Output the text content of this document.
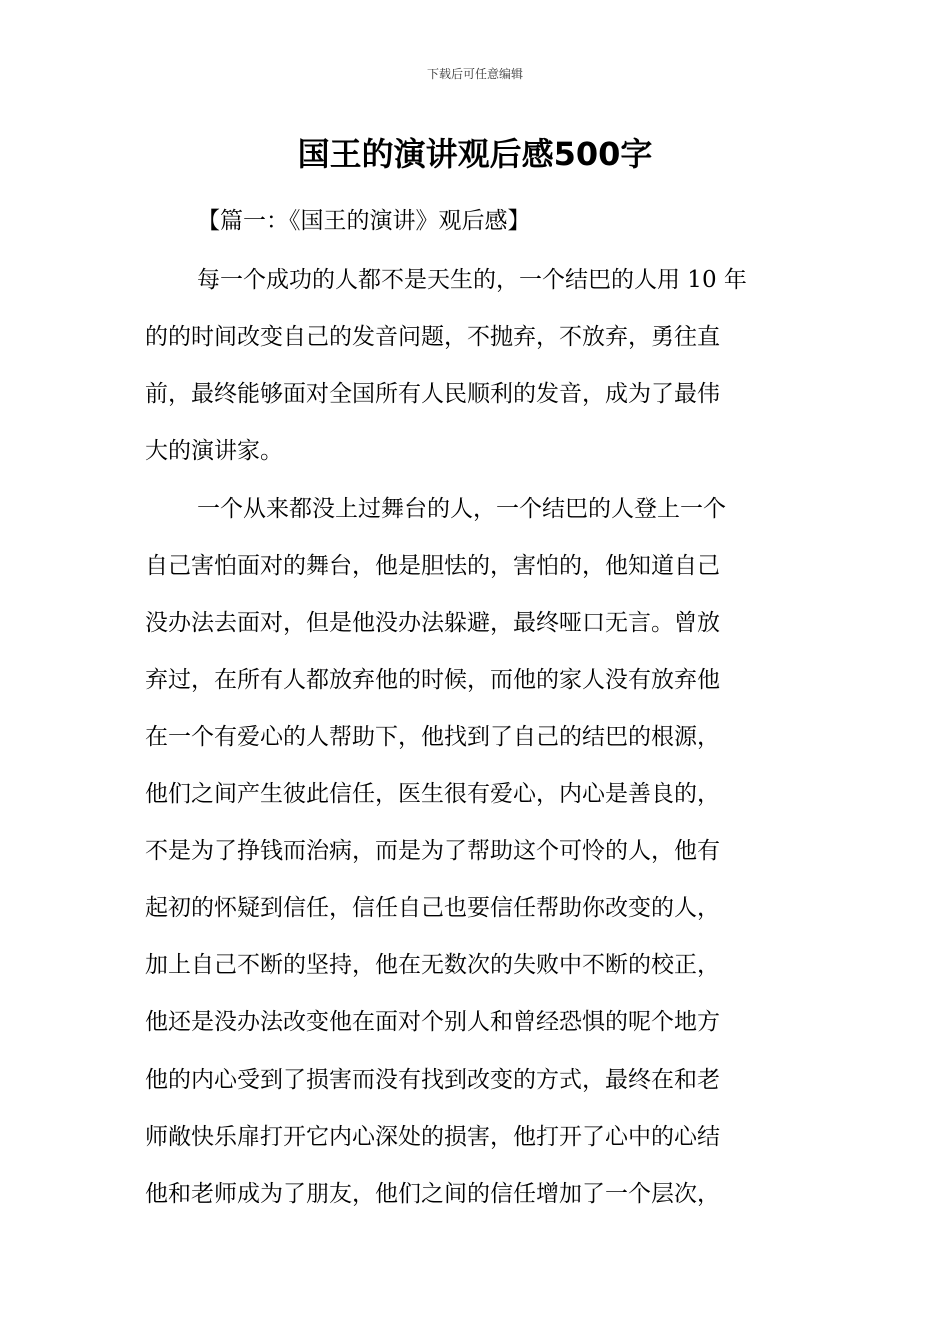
下载后可任意编辑
国王的演讲观后感500字
【篇一：《国王的演讲》观后感】
每一个成功的人都不是天生的，一个结巴的人用 10 年
的的时间改变自己的发音问题，不抛弃，不放弃，勇往直
前，最终能够面对全国所有人民顺利的发音，成为了最伟
大的演讲家。
一个从来都没上过舞台的人，一个结巴的人登上一个
自己害怕面对的舞台，他是胆怯的，害怕的，他知道自己
没办法去面对，但是他没办法躲避，最终哑口无言。曾放
弃过，在所有人都放弃他的时候，而他的家人没有放弃他
在一个有爱心的人帮助下，他找到了自己的结巴的根源，
他们之间产生彼此信任，医生很有爱心，内心是善良的，
不是为了挣钱而治病，而是为了帮助这个可怜的人，他有
起初的怀疑到信任，信任自己也要信任帮助你改变的人，
加上自己不断的坚持，他在无数次的失败中不断的校正，
他还是没办法改变他在面对个别人和曾经恐惧的呢个地方
他的内心受到了损害而没有找到改变的方式，最终在和老
师敞快乐扉打开它内心深处的损害，他打开了心中的心结
他和老师成为了朋友，他们之间的信任增加了一个层次，
